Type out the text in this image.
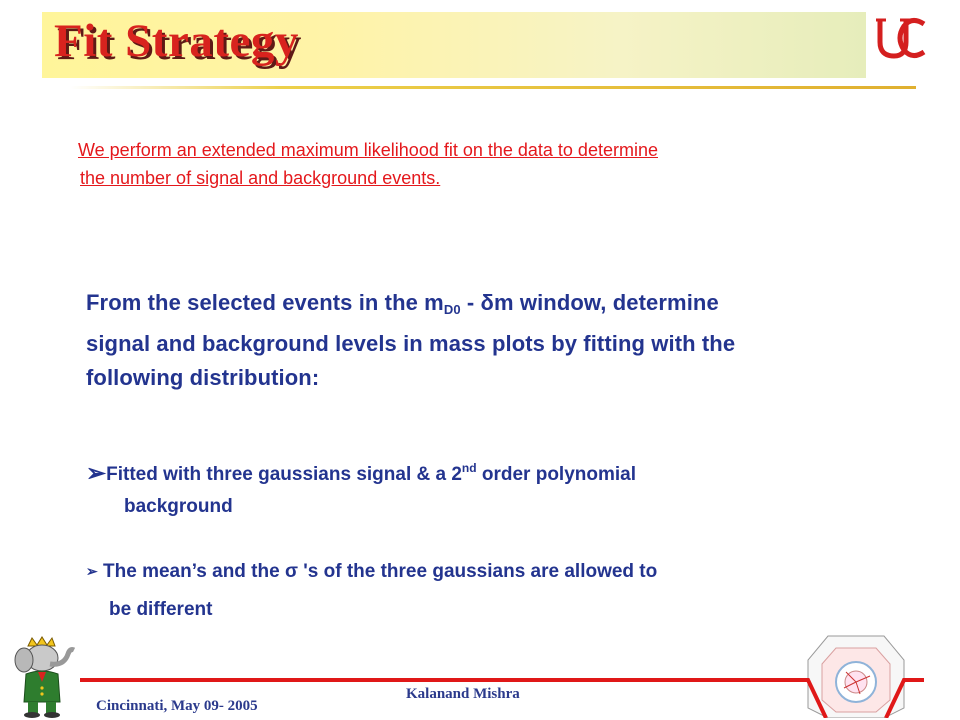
Fit Strategy
We perform an extended maximum likelihood fit on the data to determine
the number of signal and background events.
From the selected events in the $m_{D0}$ - δm window, determine
signal and background levels in mass plots by fitting with the
following distribution:
➢Fitted with three gaussians signal & a 2nd order polynomial
background
➢ The mean’s and the σ 's of the three gaussians are allowed to
be different
Cincinnati, May 09- 2005
Kalanand Mishra
